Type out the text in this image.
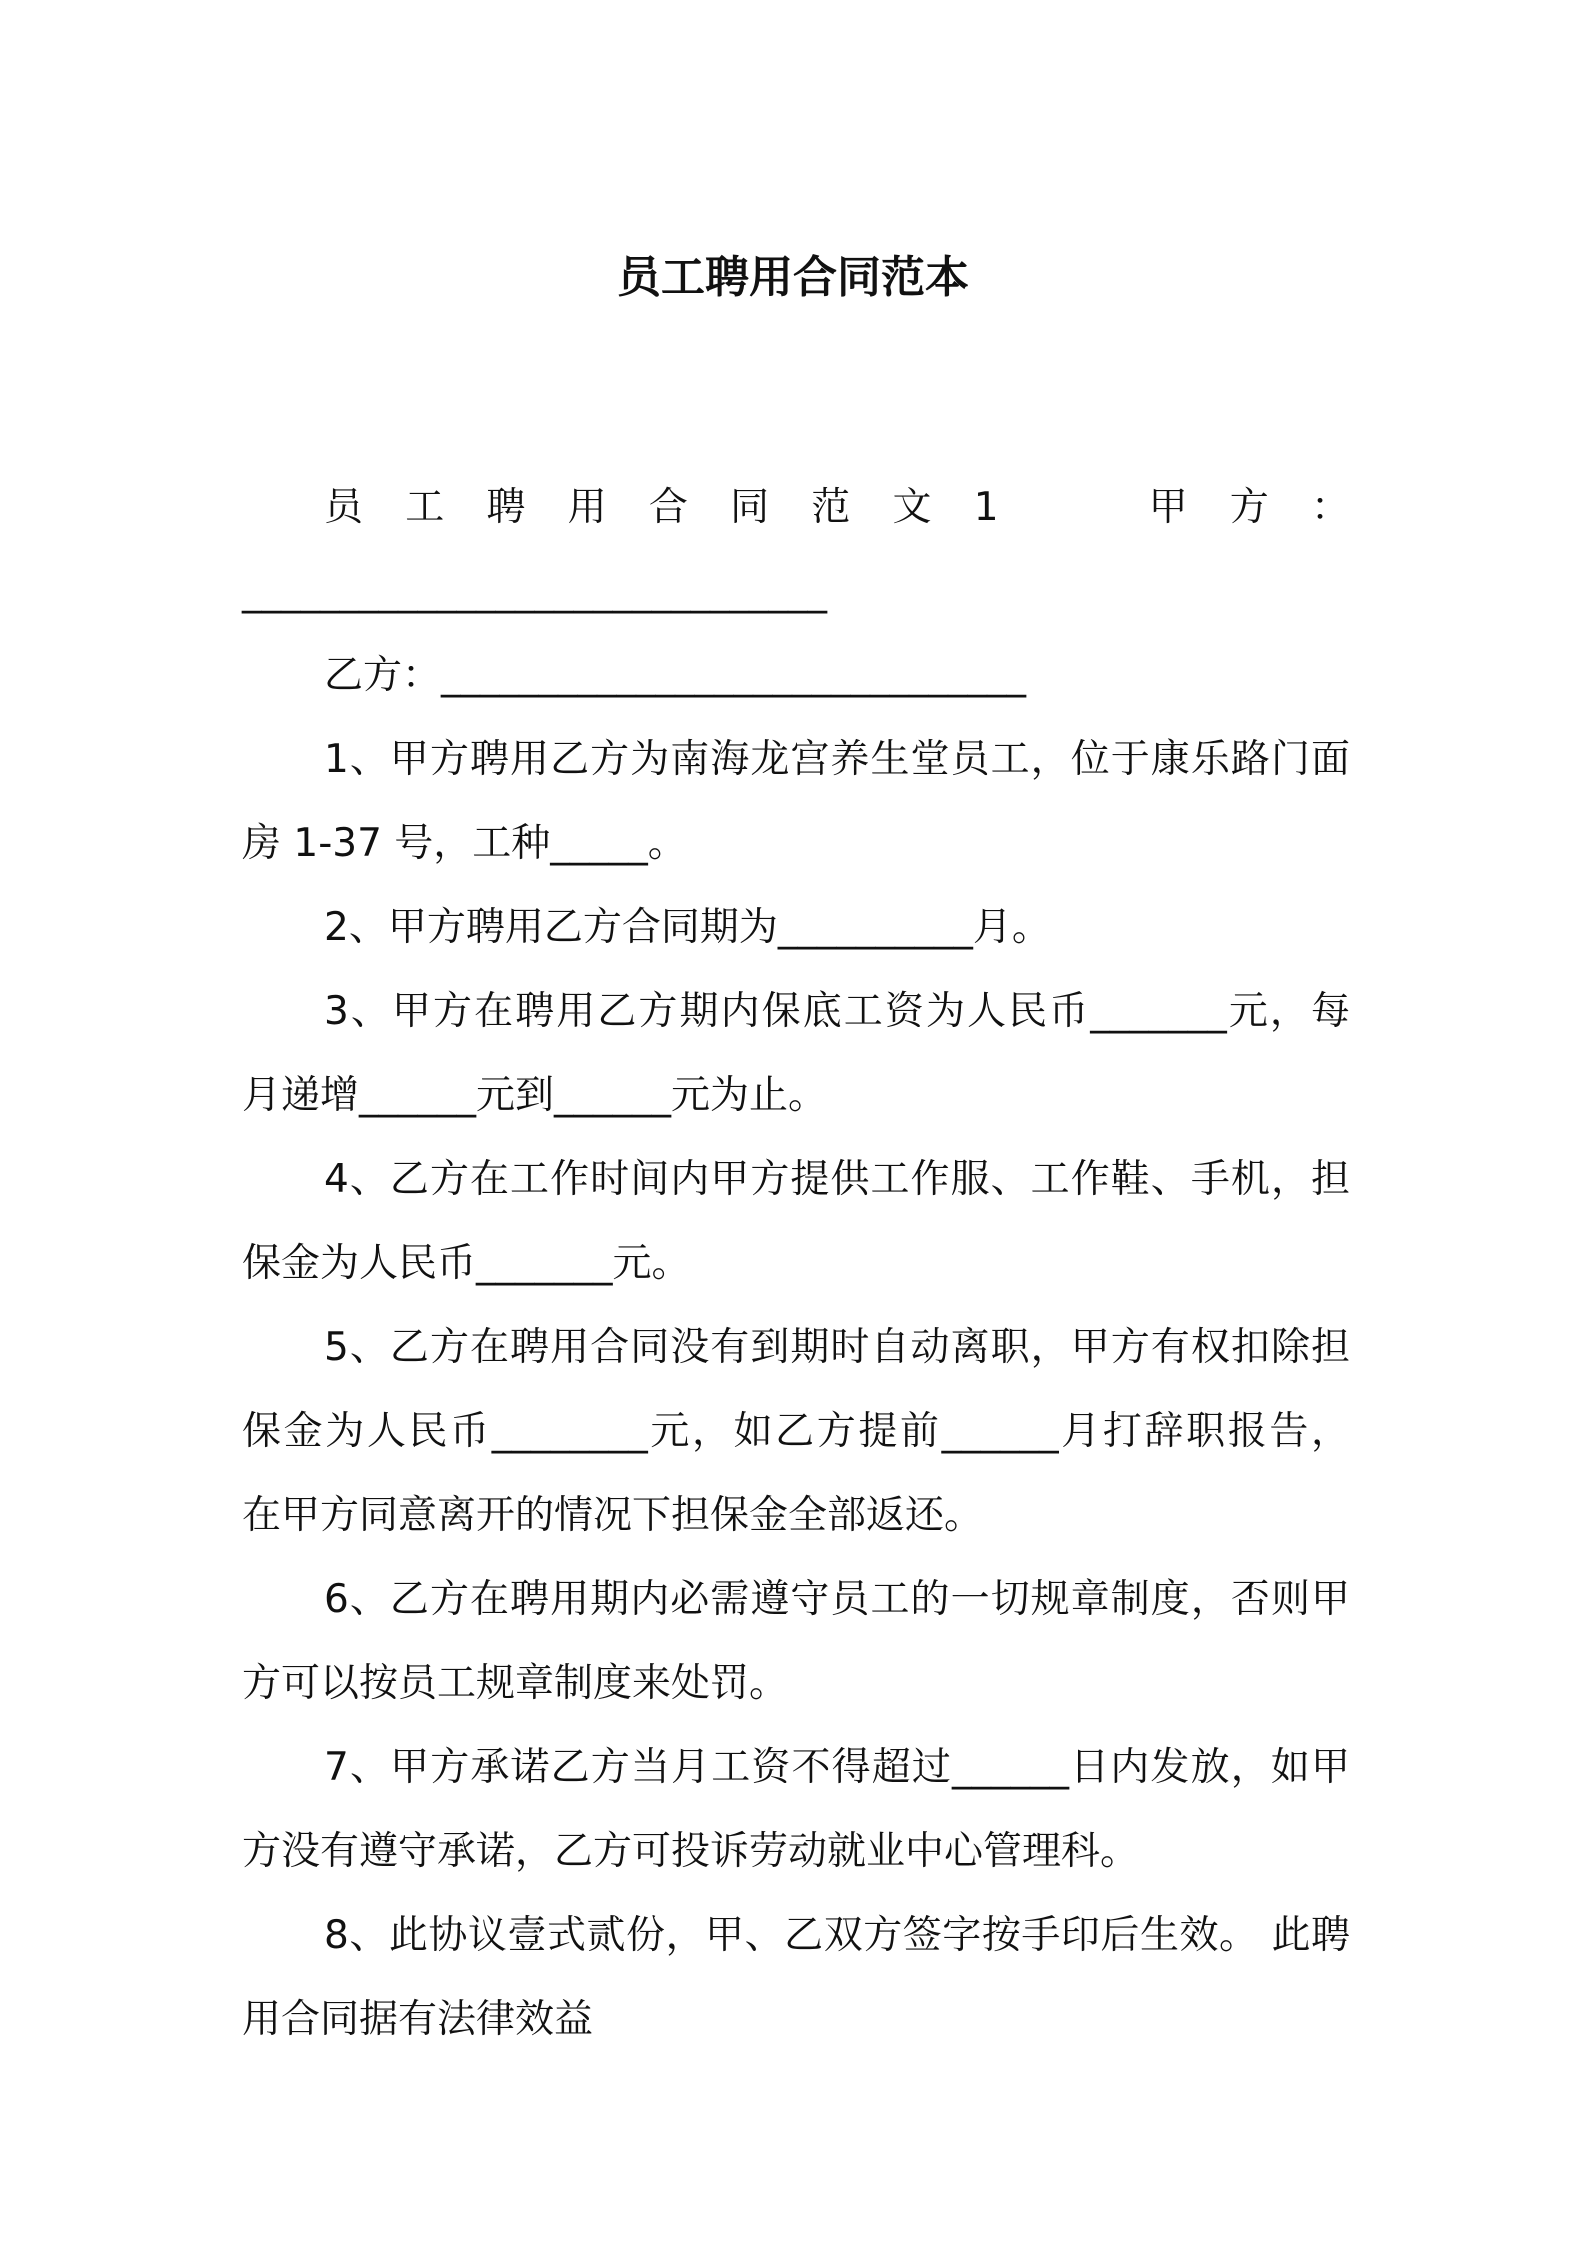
员工聘用合同范本
员 工 聘 用 合 同 范 文 1　　 甲 方 ：
______________________________
乙方：______________________________
1、甲方聘用乙方为南海龙宫养生堂员工，位于康乐路门面
房 1-37 号，工种_____。
2、甲方聘用乙方合同期为__________月。
3、甲方在聘用乙方期内保底工资为人民币_______元，每
月递增______元到______元为止。
4、乙方在工作时间内甲方提供工作服、工作鞋、手机，担
保金为人民币_______元。
5、乙方在聘用合同没有到期时自动离职，甲方有权扣除担
保金为人民币________元，如乙方提前______月打辞职报告，
在甲方同意离开的情况下担保金全部返还。
6、乙方在聘用期内必需遵守员工的一切规章制度，否则甲
方可以按员工规章制度来处罚。
7、甲方承诺乙方当月工资不得超过______日内发放，如甲
方没有遵守承诺，乙方可投诉劳动就业中心管理科。
8、此协议壹式贰份，甲、乙双方签字按手印后生效。 此聘
用合同据有法律效益
